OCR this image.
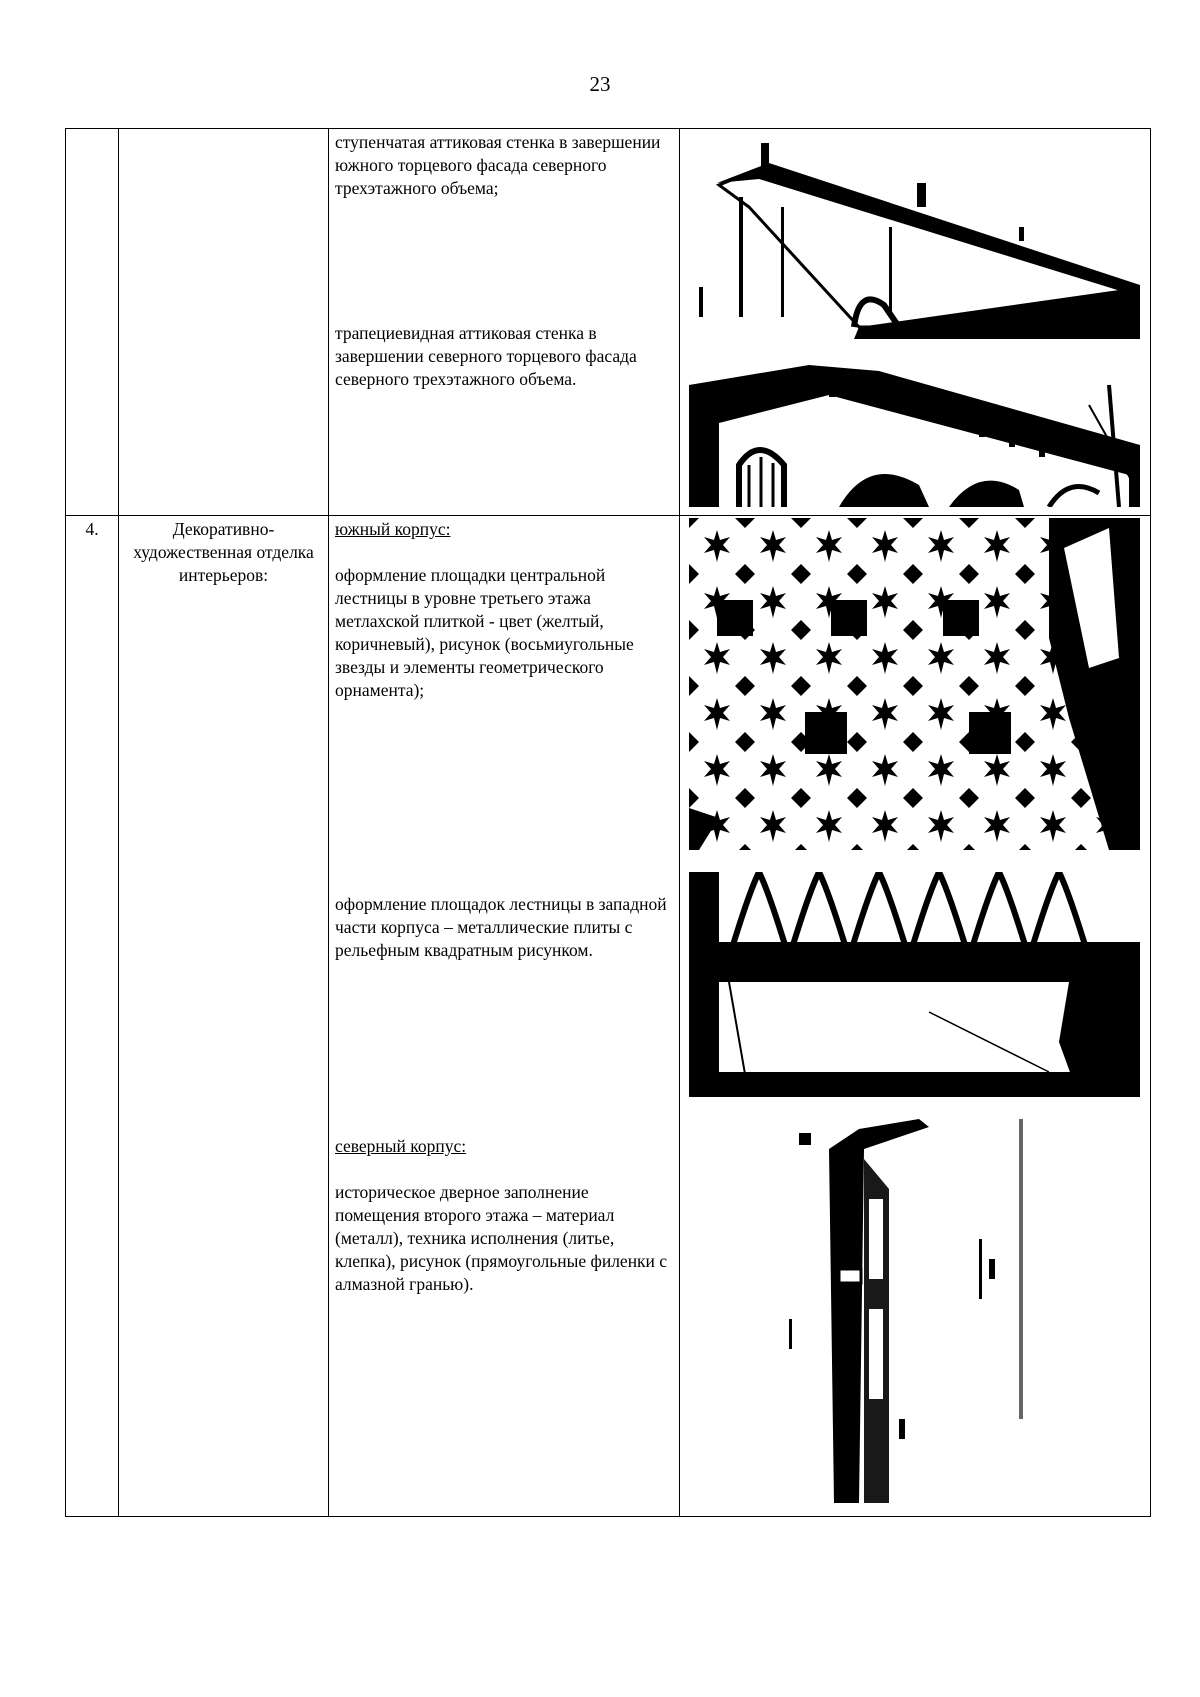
23

		ступенчатая аттиковая стенка в завершении южного торцевого фасада северного трехэтажного объема;
трапециевидная аттиковая стенка в завершении северного торцевого фасада северного трехэтажного объема.

4.	Декоративно-художественная отделка интерьеров:	южный корпус:
оформление площадки центральной лестницы в уровне третьего этажа метлахской плиткой - цвет (желтый, коричневый), рисунок (восьмиугольные звезды и элементы геометрического орнамента);
оформление площадок лестницы в западной части корпуса – металлические плиты с рельефным квадратным рисунком.
северный корпус:
историческое дверное заполнение помещения второго этажа – материал (металл), техника исполнения (литье, клепка), рисунок (прямоугольные филенки с алмазной гранью).
